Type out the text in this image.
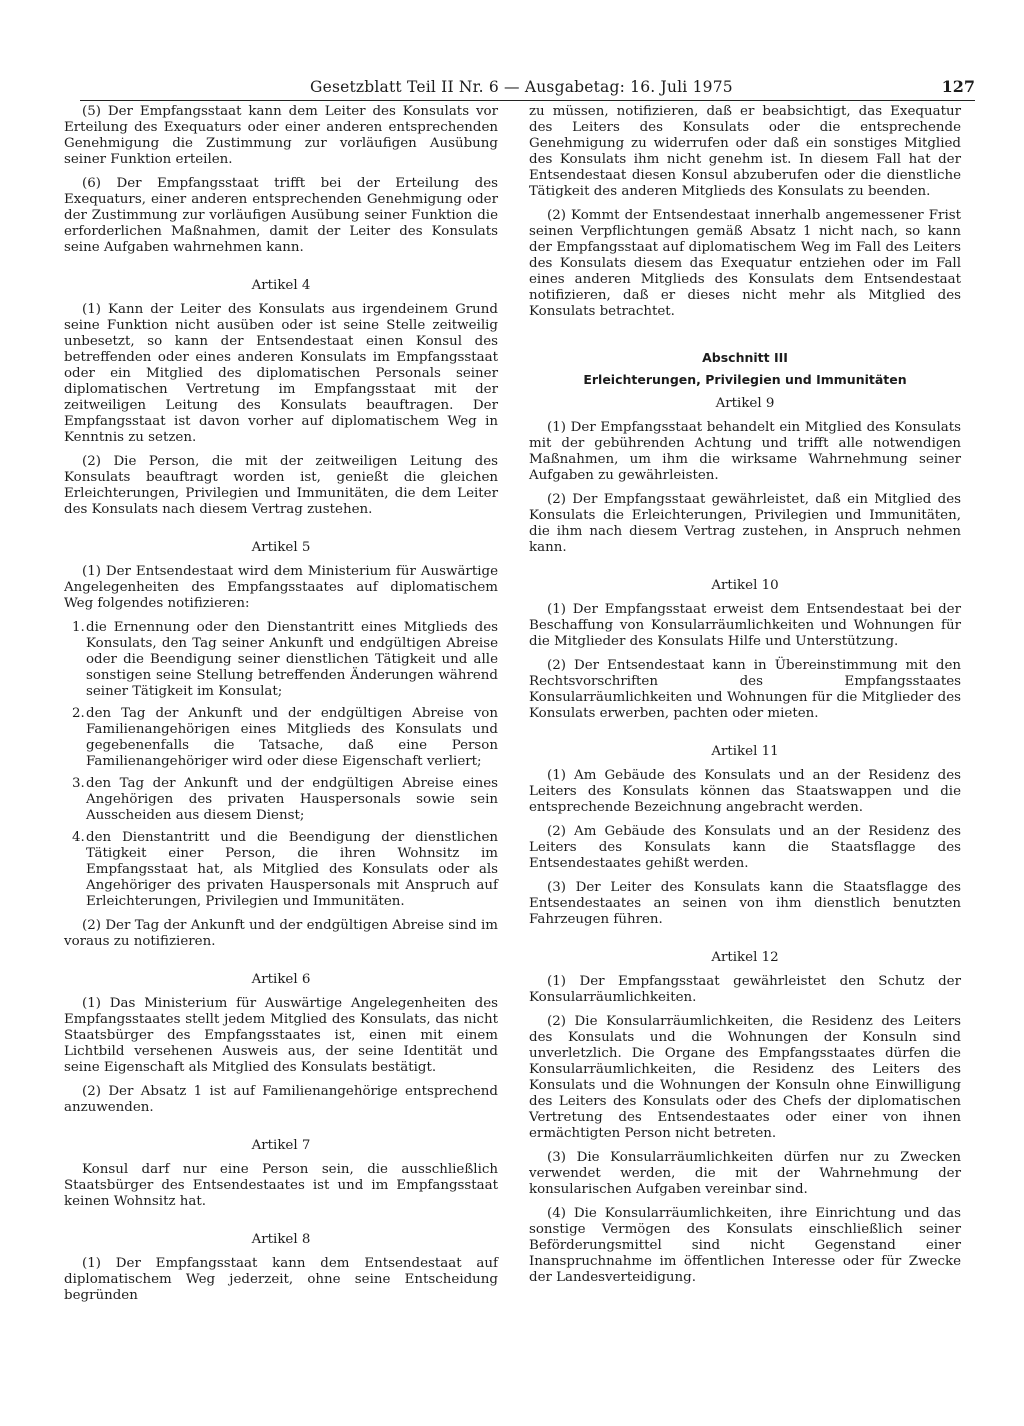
Gesetzblatt Teil II Nr. 6 — Ausgabetag: 16. Juli 1975	127

(5) Der Empfangsstaat kann dem Leiter des Konsulats vor Erteilung des Exequaturs oder einer anderen entsprechenden Genehmigung die Zustimmung zur vorläufigen Ausübung seiner Funktion erteilen.

(6) Der Empfangsstaat trifft bei der Erteilung des Exequaturs, einer anderen entsprechenden Genehmigung oder der Zustimmung zur vorläufigen Ausübung seiner Funktion die erforderlichen Maßnahmen, damit der Leiter des Konsulats seine Aufgaben wahrnehmen kann.

Artikel 4

(1) Kann der Leiter des Konsulats aus irgendeinem Grund seine Funktion nicht ausüben oder ist seine Stelle zeitweilig unbesetzt, so kann der Entsendestaat einen Konsul des betreffenden oder eines anderen Konsulats im Empfangsstaat oder ein Mitglied des diplomatischen Personals seiner diplomatischen Vertretung im Empfangsstaat mit der zeitweiligen Leitung des Konsulats beauftragen. Der Empfangsstaat ist davon vorher auf diplomatischem Weg in Kenntnis zu setzen.

(2) Die Person, die mit der zeitweiligen Leitung des Konsulats beauftragt worden ist, genießt die gleichen Erleichterungen, Privilegien und Immunitäten, die dem Leiter des Konsulats nach diesem Vertrag zustehen.

Artikel 5

(1) Der Entsendestaat wird dem Ministerium für Auswärtige Angelegenheiten des Empfangsstaates auf diplomatischem Weg folgendes notifizieren:

1. die Ernennung oder den Dienstantritt eines Mitglieds des Konsulats, den Tag seiner Ankunft und endgültigen Abreise oder die Beendigung seiner dienstlichen Tätigkeit und alle sonstigen seine Stellung betreffenden Änderungen während seiner Tätigkeit im Konsulat;
2. den Tag der Ankunft und der endgültigen Abreise von Familienangehörigen eines Mitglieds des Konsulats und gegebenenfalls die Tatsache, daß eine Person Familienangehöriger wird oder diese Eigenschaft verliert;
3. den Tag der Ankunft und der endgültigen Abreise eines Angehörigen des privaten Hauspersonals sowie sein Ausscheiden aus diesem Dienst;
4. den Dienstantritt und die Beendigung der dienstlichen Tätigkeit einer Person, die ihren Wohnsitz im Empfangsstaat hat, als Mitglied des Konsulats oder als Angehöriger des privaten Hauspersonals mit Anspruch auf Erleichterungen, Privilegien und Immunitäten.

(2) Der Tag der Ankunft und der endgültigen Abreise sind im voraus zu notifizieren.

Artikel 6

(1) Das Ministerium für Auswärtige Angelegenheiten des Empfangsstaates stellt jedem Mitglied des Konsulats, das nicht Staatsbürger des Empfangsstaates ist, einen mit einem Lichtbild versehenen Ausweis aus, der seine Identität und seine Eigenschaft als Mitglied des Konsulats bestätigt.

(2) Der Absatz 1 ist auf Familienangehörige entsprechend anzuwenden.

Artikel 7

Konsul darf nur eine Person sein, die ausschließlich Staatsbürger des Entsendestaates ist und im Empfangsstaat keinen Wohnsitz hat.

Artikel 8

(1) Der Empfangsstaat kann dem Entsendestaat auf diplomatischem Weg jederzeit, ohne seine Entscheidung begründen

zu müssen, notifizieren, daß er beabsichtigt, das Exequatur des Leiters des Konsulats oder die entsprechende Genehmigung zu widerrufen oder daß ein sonstiges Mitglied des Konsulats ihm nicht genehm ist. In diesem Fall hat der Entsendestaat diesen Konsul abzuberufen oder die dienstliche Tätigkeit des anderen Mitglieds des Konsulats zu beenden.

(2) Kommt der Entsendestaat innerhalb angemessener Frist seinen Verpflichtungen gemäß Absatz 1 nicht nach, so kann der Empfangsstaat auf diplomatischem Weg im Fall des Leiters des Konsulats diesem das Exequatur entziehen oder im Fall eines anderen Mitglieds des Konsulats dem Entsendestaat notifizieren, daß er dieses nicht mehr als Mitglied des Konsulats betrachtet.

Abschnitt III

Erleichterungen, Privilegien und Immunitäten

Artikel 9

(1) Der Empfangsstaat behandelt ein Mitglied des Konsulats mit der gebührenden Achtung und trifft alle notwendigen Maßnahmen, um ihm die wirksame Wahrnehmung seiner Aufgaben zu gewährleisten.

(2) Der Empfangsstaat gewährleistet, daß ein Mitglied des Konsulats die Erleichterungen, Privilegien und Immunitäten, die ihm nach diesem Vertrag zustehen, in Anspruch nehmen kann.

Artikel 10

(1) Der Empfangsstaat erweist dem Entsendestaat bei der Beschaffung von Konsularräumlichkeiten und Wohnungen für die Mitglieder des Konsulats Hilfe und Unterstützung.

(2) Der Entsendestaat kann in Übereinstimmung mit den Rechtsvorschriften des Empfangsstaates Konsularräumlichkeiten und Wohnungen für die Mitglieder des Konsulats erwerben, pachten oder mieten.

Artikel 11

(1) Am Gebäude des Konsulats und an der Residenz des Leiters des Konsulats können das Staatswappen und die entsprechende Bezeichnung angebracht werden.

(2) Am Gebäude des Konsulats und an der Residenz des Leiters des Konsulats kann die Staatsflagge des Entsendestaates gehißt werden.

(3) Der Leiter des Konsulats kann die Staatsflagge des Entsendestaates an seinen von ihm dienstlich benutzten Fahrzeugen führen.

Artikel 12

(1) Der Empfangsstaat gewährleistet den Schutz der Konsularräumlichkeiten.

(2) Die Konsularräumlichkeiten, die Residenz des Leiters des Konsulats und die Wohnungen der Konsuln sind unverletzlich. Die Organe des Empfangsstaates dürfen die Konsularräumlichkeiten, die Residenz des Leiters des Konsulats und die Wohnungen der Konsuln ohne Einwilligung des Leiters des Konsulats oder des Chefs der diplomatischen Vertretung des Entsendestaates oder einer von ihnen ermächtigten Person nicht betreten.

(3) Die Konsularräumlichkeiten dürfen nur zu Zwecken verwendet werden, die mit der Wahrnehmung der konsularischen Aufgaben vereinbar sind.

(4) Die Konsularräumlichkeiten, ihre Einrichtung und das sonstige Vermögen des Konsulats einschließlich seiner Beförderungsmittel sind nicht Gegenstand einer Inanspruchnahme im öffentlichen Interesse oder für Zwecke der Landesverteidigung.
